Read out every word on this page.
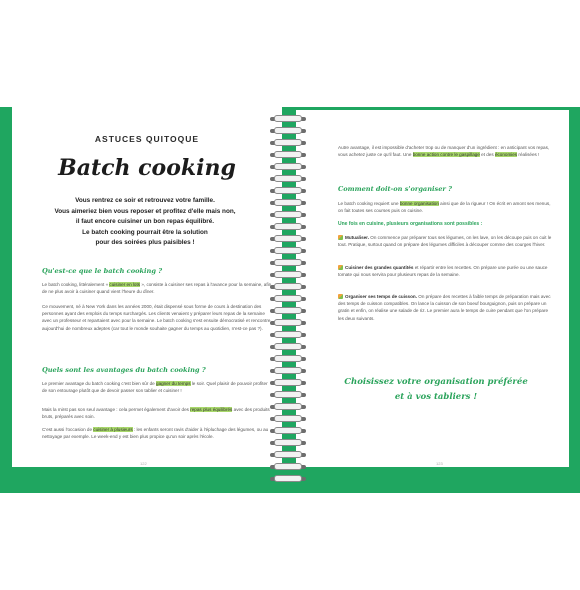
ASTUCES QUITOQUE
Batch cooking
Vous rentrez ce soir et retrouvez votre famille.
Vous aimeriez bien vous reposer et profitez d'elle mais non,
il faut encore cuisiner un bon repas équilibré.
Le batch cooking pourrait être la solution
pour des soirées plus paisibles !
Qu'est-ce que le batch cooking ?
Le batch cooking, littéralement « cuisiner en lots », consiste à cuisiner ses repas à l'avance pour la semaine, afin de ne plus avoir à cuisiner quand vient l'heure du dîner.
Ce mouvement, né à New York dans les années 2000, était dispensé sous forme de cours à destination des personnes ayant des emplois du temps surchargés. Les clients venaient y préparer leurs repas de la semaine avec un professeur et repartaient avec pour la semaine. Le batch cooking s'est ensuite démocratisé et rencontre aujourd'hui de nombreux adeptes (car tout le monde souhaite gagner du temps au quotidien, n'est-ce pas ?).
Quels sont les avantages du batch cooking ?
Le premier avantage du batch cooking c'est bien sûr de gagner du temps le soir. Quel plaisir de pouvoir profiter de son entourage plutôt que de devoir passer son tablier et cuisiner !
Mais la mirst pas son seul avantage : cela permet également d'avoir des repas plus équilibrés avec des produits bruts, préparés avec soin.
C'est aussi l'occasion de cuisiner à plusieurs : les enfants seront ravis d'aider à l'épluchage des légumes, ou au nettoyage par exemple. Le week-end y est bien plus propice qu'un soir après l'école.
122
Autre avantage, il est impossible d'acheter trop ou de manquer d'un ingrédient : en anticipant vos repas, vous achetez juste ce qu'il faut. Une bonne action contre le gaspillage et des économies réalisées !
Comment doit-on s'organiser ?
Le batch cooking requiert une bonne organisation ainsi que de la rigueur ! On écrit en amont ses menus, on fait toutes ses courses puis on cuisine.
Une fois en cuisine, plusieurs organisations sont possibles :
Mutualiser. On commence par préparer tous ses légumes, on les lave, on les découpe puis on cuit le tout. Pratique, surtout quand on prépare des légumes difficiles à découper comme des courges l'hiver.
Cuisiner des grandes quantités et répartir entre les recettes. On prépare une purée ou une sauce tomate qui nous servira pour plusieurs repas de la semaine.
Organiser ses temps de cuisson. On prépare des recettes à faible temps de préparation mais avec des temps de cuisson compatibles. On lance la cuisson de son boeuf bourguignon, puis on prépare un gratin et enfin, on réalise une salade de riz. Le premier aura le temps de cuire pendant que l'on prépare les deux suivants.
Choisissez votre organisation préférée
et à vos tabliers !
123
